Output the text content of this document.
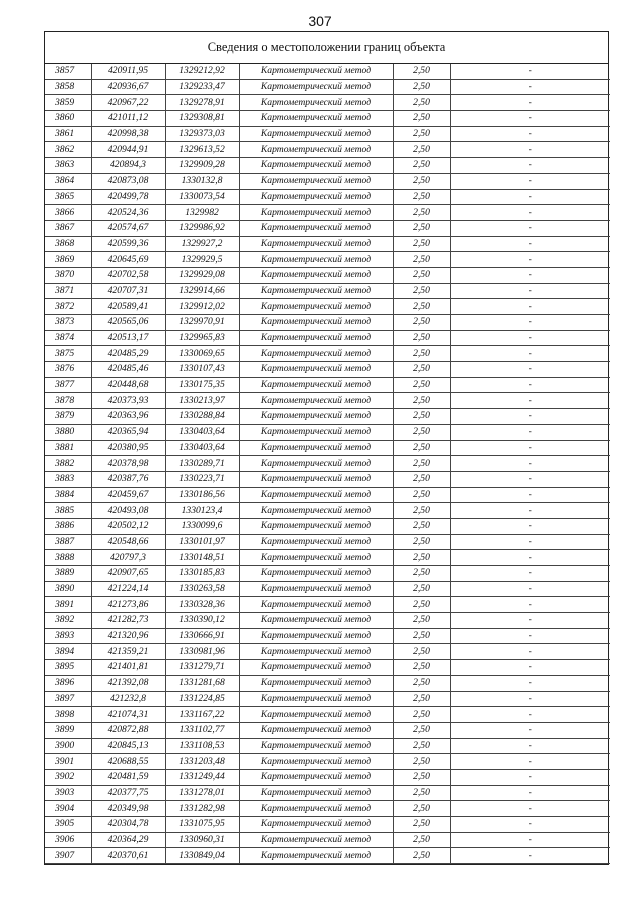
307
Сведения о местоположении границ объекта
3857	420911,95	1329212,92	Картометрический метод	2,50	-
3858	420936,67	1329233,47	Картометрический метод	2,50	-
3859	420967,22	1329278,91	Картометрический метод	2,50	-
3860	421011,12	1329308,81	Картометрический метод	2,50	-
3861	420998,38	1329373,03	Картометрический метод	2,50	-
3862	420944,91	1329613,52	Картометрический метод	2,50	-
3863	420894,3	1329909,28	Картометрический метод	2,50	-
3864	420873,08	1330132,8	Картометрический метод	2,50	-
3865	420499,78	1330073,54	Картометрический метод	2,50	-
3866	420524,36	1329982	Картометрический метод	2,50	-
3867	420574,67	1329986,92	Картометрический метод	2,50	-
3868	420599,36	1329927,2	Картометрический метод	2,50	-
3869	420645,69	1329929,5	Картометрический метод	2,50	-
3870	420702,58	1329929,08	Картометрический метод	2,50	-
3871	420707,31	1329914,66	Картометрический метод	2,50	-
3872	420589,41	1329912,02	Картометрический метод	2,50	-
3873	420565,06	1329970,91	Картометрический метод	2,50	-
3874	420513,17	1329965,83	Картометрический метод	2,50	-
3875	420485,29	1330069,65	Картометрический метод	2,50	-
3876	420485,46	1330107,43	Картометрический метод	2,50	-
3877	420448,68	1330175,35	Картометрический метод	2,50	-
3878	420373,93	1330213,97	Картометрический метод	2,50	-
3879	420363,96	1330288,84	Картометрический метод	2,50	-
3880	420365,94	1330403,64	Картометрический метод	2,50	-
3881	420380,95	1330403,64	Картометрический метод	2,50	-
3882	420378,98	1330289,71	Картометрический метод	2,50	-
3883	420387,76	1330223,71	Картометрический метод	2,50	-
3884	420459,67	1330186,56	Картометрический метод	2,50	-
3885	420493,08	1330123,4	Картометрический метод	2,50	-
3886	420502,12	1330099,6	Картометрический метод	2,50	-
3887	420548,66	1330101,97	Картометрический метод	2,50	-
3888	420797,3	1330148,51	Картометрический метод	2,50	-
3889	420907,65	1330185,83	Картометрический метод	2,50	-
3890	421224,14	1330263,58	Картометрический метод	2,50	-
3891	421273,86	1330328,36	Картометрический метод	2,50	-
3892	421282,73	1330390,12	Картометрический метод	2,50	-
3893	421320,96	1330666,91	Картометрический метод	2,50	-
3894	421359,21	1330981,96	Картометрический метод	2,50	-
3895	421401,81	1331279,71	Картометрический метод	2,50	-
3896	421392,08	1331281,68	Картометрический метод	2,50	-
3897	421232,8	1331224,85	Картометрический метод	2,50	-
3898	421074,31	1331167,22	Картометрический метод	2,50	-
3899	420872,88	1331102,77	Картометрический метод	2,50	-
3900	420845,13	1331108,53	Картометрический метод	2,50	-
3901	420688,55	1331203,48	Картометрический метод	2,50	-
3902	420481,59	1331249,44	Картометрический метод	2,50	-
3903	420377,75	1331278,01	Картометрический метод	2,50	-
3904	420349,98	1331282,98	Картометрический метод	2,50	-
3905	420304,78	1331075,95	Картометрический метод	2,50	-
3906	420364,29	1330960,31	Картометрический метод	2,50	-
3907	420370,61	1330849,04	Картометрический метод	2,50	-
